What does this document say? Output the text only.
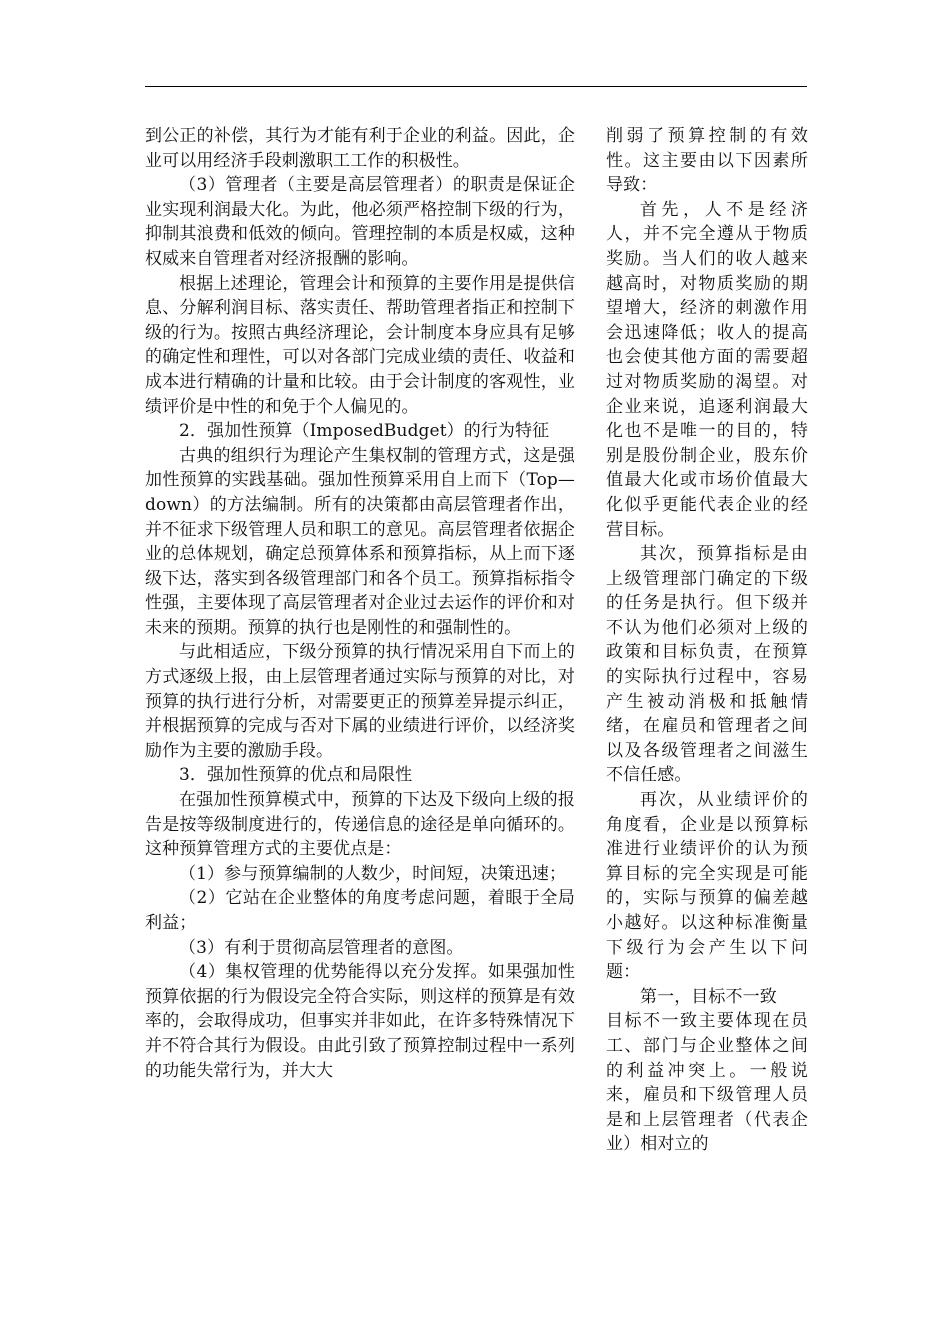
到公正的补偿，其行为才能有利于企业的利益。因此，企业可以用经济手段刺激职工工作的积极性。

（3）管理者（主要是高层管理者）的职责是保证企业实现利润最大化。为此，他必须严格控制下级的行为，抑制其浪费和低效的倾向。管理控制的本质是权威，这种权威来自管理者对经济报酬的影响。

根据上述理论，管理会计和预算的主要作用是提供信息、分解利润目标、落实责任、帮助管理者指正和控制下级的行为。按照古典经济理论，会计制度本身应具有足够的确定性和理性，可以对各部门完成业绩的责任、收益和成本进行精确的计量和比较。由于会计制度的客观性，业绩评价是中性的和免于个人偏见的。

2．强加性预算（ImposedBudget）的行为特征

古典的组织行为理论产生集权制的管理方式，这是强加性预算的实践基础。强加性预算采用自上而下（Top—down）的方法编制。所有的决策都由高层管理者作出，并不征求下级管理人员和职工的意见。高层管理者依据企业的总体规划，确定总预算体系和预算指标，从上而下逐级下达，落实到各级管理部门和各个员工。预算指标指令性强，主要体现了高层管理者对企业过去运作的评价和对未来的预期。预算的执行也是刚性的和强制性的。

与此相适应，下级分预算的执行情况采用自下而上的方式逐级上报，由上层管理者通过实际与预算的对比，对预算的执行进行分析，对需要更正的预算差异提示纠正，并根据预算的完成与否对下属的业绩进行评价，以经济奖励作为主要的激励手段。

3．强加性预算的优点和局限性

在强加性预算模式中，预算的下达及下级向上级的报告是按等级制度进行的，传递信息的途径是单向循环的。这种预算管理方式的主要优点是：

（1）参与预算编制的人数少，时间短，决策迅速；

（2）它站在企业整体的角度考虑问题，着眼于全局利益；

（3）有利于贯彻高层管理者的意图。

（4）集权管理的优势能得以充分发挥。如果强加性预算依据的行为假设完全符合实际，则这样的预算是有效率的，会取得成功，但事实并非如此，在许多特殊情况下并不符合其行为假设。由此引致了预算控制过程中一系列的功能失常行为，并大大

削弱了预算控制的有效性。这主要由以下因素所导致：

首先，人不是经济人，并不完全遵从于物质奖励。当人们的收人越来越高时，对物质奖励的期望增大，经济的刺激作用会迅速降低；收人的提高也会使其他方面的需要超过对物质奖励的渴望。对企业来说，追逐利润最大化也不是唯一的目的，特别是股份制企业，股东价值最大化或市场价值最大化似乎更能代表企业的经营目标。

其次，预算指标是由上级管理部门确定的下级的任务是执行。但下级并不认为他们必须对上级的政策和目标负责，在预算的实际执行过程中，容易产生被动消极和抵触情绪，在雇员和管理者之间以及各级管理者之间滋生不信任感。

再次，从业绩评价的角度看，企业是以预算标准进行业绩评价的认为预算目标的完全实现是可能的，实际与预算的偏差越小越好。以这种标准衡量下级行为会产生以下问题：

第一，目标不一致

目标不一致主要体现在员工、部门与企业整体之间的利益冲突上。一般说来，雇员和下级管理人员是和上层管理者（代表企业）相对立的
